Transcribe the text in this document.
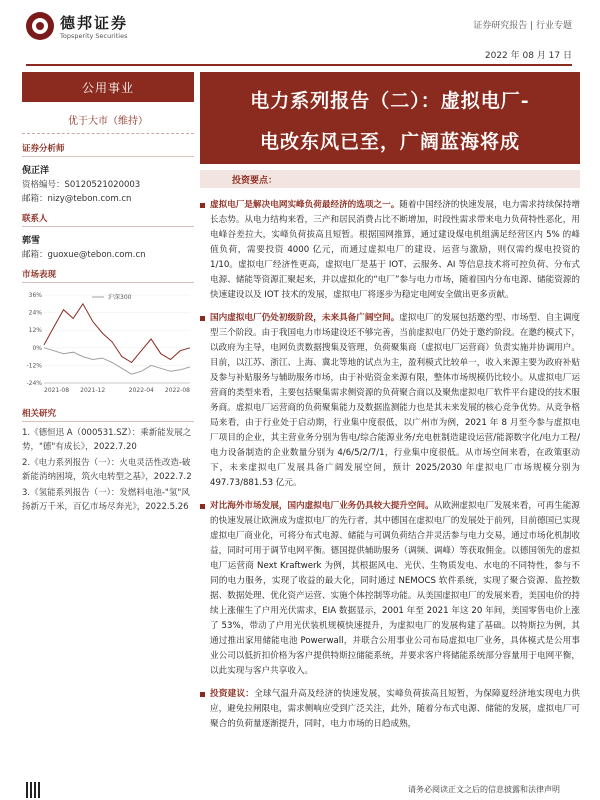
德邦证券
Topsperity Securities
证券研究报告 | 行业专题
2022 年 08 月 17 日
公用事业
优于大市（维持）
证券分析师
倪正洋
资格编号：S0120521020003
邮箱：nizy@tebon.com.cn
联系人
郭雪
邮箱：guoxue@tebon.com.cn
市场表现
36%
24%
12%
0%
-12%
-24%
2021-08 2021-12	2022-04 2022-08
沪深300
相关研究
1.《德恒迅 A（000531.SZ）：乘新能发展之势，"德"有成长》，2022.7.20
2.《电力系列报告（一）：火电灵活性改造-破新能消纳困境，筑火电转型之基》，2022.7.2
3.《氢能系列报告（一）：发燃料电池-"氢"风扬新万千米，百亿市场尽奔光》，2022.5.26
电力系列报告（二）：虚拟电厂-
电改东风已至，广阔蓝海将成
投资要点：

虚拟电厂是解决电网实峰负荷最经济的选项之一。随着中国经济的快速发展，电力需求持续保持增长态势。从电力结构来看，三产和居民消费占比不断增加，时段性需求带来电力负荷特性恶化，用电峰谷差拉大，实峰负荷拔高且短暂。根据国网推算，通过建设煤电机组满足经营区内 5% 的峰值负荷，需要投资 4000 亿元，而通过虚拟电厂的建设、运营与激励，则仅需约煤电投资的 1/10。虚拟电厂经济性更高，虚拟电厂是基于 IOT、云服务、AI 等信息技术将可控负荷、分布式电源、储能等资源汇聚起来，并以虚拟化的“电厂”参与电力市场，随着国内分布电源、储能资源的快速建设以及 IOT 技术的发展，虚拟电厂将逐步为稳定电网安全做出更多贡献。

国内虚拟电厂仍处初级阶段，未来具备广阔空间。虚拟电厂的发展包括邀约型、市场型、自主调度型三个阶段。由于我国电力市场建设还不够完善，当前虚拟电厂仍处于邀约阶段。在邀约模式下，以政府为主导，电网负责数据搜集及管理，负荷聚集商（虚拟电厂运营商）负责实施并协调用户。目前，以江苏、浙江、上海、冀北等地的试点为主，盈利模式比较单一，收入来源主要为政府补贴及参与补贴服务与辅助服务市场，由于补贴资金来源有限，整体市场规模仍比较小。从虚拟电厂运营商的类型来看，主要包括聚集需求侧资源的负荷聚合商以及聚焦虚拟电厂软件平台建设的技术服务商。虚拟电厂运营商的负荷聚集能力及数据监测能力也是其未来发展的核心竞争优势。从竞争格局来看，由于行业处于启动期，行业集中度很低，以广州市为例，2021 年 8 月至今参与虚拟电厂项目的企业，其主营业务分别为售电/综合能源业务/充电桩制造建设运营/能源数字化/电力工程/电力设备制造的企业数量分别为 4/6/5/2/7/1，行业集中度很低。从市场空间来看，在政策驱动下，未来虚拟电厂发展具备广阔发展空间，预计 2025/2030 年虚拟电厂市场规模分别为 497.73/881.53 亿元。

对比海外市场发展，国内虚拟电厂业务仍具较大提升空间。从欧洲虚拟电厂发展来看，可再生能源的快速发展让欧洲成为虚拟电厂的先行者，其中德国在虚拟电厂的发展处于前列，目前德国已实现虚拟电厂商业化，可将分布式电源、储能与可调负荷结合并灵活参与电力交易，通过市场化机制收益，同时可用于调节电网平衡。德国提供辅助服务（调频、调峰）等获取佣金。以德国领先的虚拟电厂运营商 Next Kraftwerk 为例，其根据风电、光伏、生物质发电、水电的不同特性，参与不同的电力服务，实现了收益的最大化，同时通过 NEMOCS 软件系统，实现了聚合资源、监控数据、数据处理、优化资产运营、实施个体控制等功能。从美国虚拟电厂的发展来看，美国电价的持续上涨催生了户用光伏需求，EIA 数据显示，2001 年至 2021 年这 20 年间，美国零售电价上涨了 53%，带动了户用光伏装机规模快速提升，为虚拟电厂的发展构建了基础。以特斯拉为例，其通过推出家用储能电池 Powerwall，并联合公用事业公司布局虚拟电厂业务，具体模式是公用事业公司以低折扣价格为客户提供特斯拉储能系统，并要求客户将储能系统部分容量用于电网平衡，以此实现与客户共享收入。

投资建议：全球气温升高及经济的快速发展，实峰负荷拔高且短暂，为保障夏经济地实现电力供应，避免拉闸限电，需求侧响应受到广泛关注，此外，随着分布式电源、储能的发展，虚拟电厂可聚合的负荷量逐渐提升，同时，电力市场的日趋成熟，

请务必阅读正文之后的信息披露和法律声明
